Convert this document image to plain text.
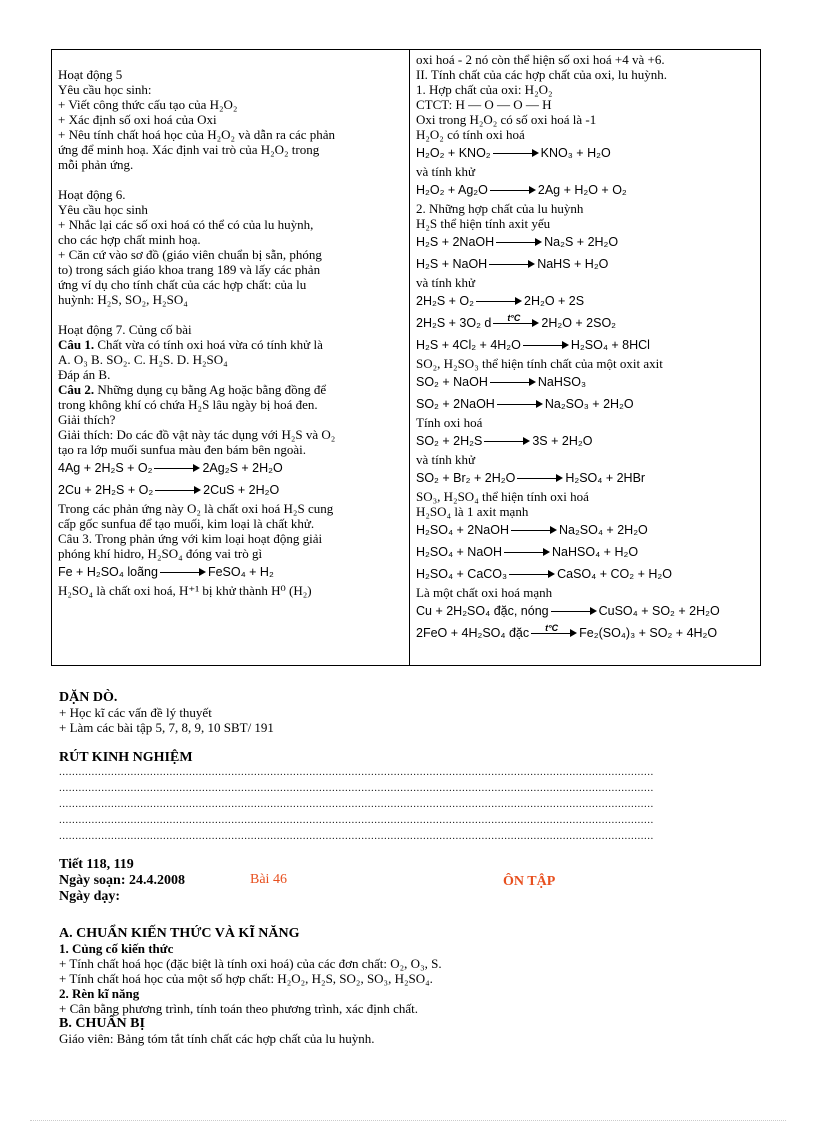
Hoạt động 5
Yêu cầu học sinh:
+ Viết công thức cấu tạo của H₂O₂
+ Xác định số oxi hoá của Oxi
+ Nêu tính chất hoá học của H₂O₂ và dẫn ra các phản
ứng để minh hoạ. Xác định vai trò của H₂O₂ trong
mỗi phản ứng.
Hoạt động 6.
Yêu cầu học sinh
+ Nhắc lại các số oxi hoá có thể có của lu huỳnh,
cho các hợp chất minh hoạ.
+ Căn cứ vào sơ đồ (giáo viên chuẩn bị sẵn, phóng
to) trong sách giáo khoa trang 189 và lấy các phản
ứng ví dụ cho tính chất của các hợp chất: của lu
huỳnh: H₂S, SO₂, H₂SO₄
Hoạt động 7. Củng cố bài
Câu 1. Chất vừa có tính oxi hoá vừa có tính khử là
A. O₃ B. SO₂. C. H₂S. D. H₂SO₄
Đáp án B.
Câu 2. Những dụng cụ bằng Ag hoặc bằng đồng để
trong không khí có chứa H₂S lâu ngày bị hoá đen.
Giải thích?
Giải thích: Do các đồ vật này tác dụng với H₂S và O₂
tạo ra lớp muối sunfua màu đen bám bên ngoài.
4Ag + 2H₂S + O₂	2Ag₂S + 2H₂O
2Cu + 2H₂S + O₂	2CuS + 2H₂O
Trong các phản ứng này O₂ là chất oxi hoá H₂S cung
cấp gốc sunfua để tạo muối, kim loại là chất khử.
Câu 3. Trong phản ứng với kim loại hoạt động giải
phóng khí hidro, H₂SO₄ đóng vai trò gì
Fe + H₂SO₄ loãng	FeSO₄ + H₂
H₂SO₄ là chất oxi hoá, H⁺¹ bị khử thành H⁰ (H₂)
oxi hoá - 2 nó còn thể hiện số oxi hoá +4 và +6.
II. Tính chất của các hợp chất của oxi, lu huỳnh.
1. Hợp chất của oxi: H₂O₂
CTCT: H — O — O — H
Oxi trong H₂O₂ có số oxi hoá là -1
H₂O₂ có tính oxi hoá
H₂O₂ + KNO₂	KNO₃ + H₂O
và tính khử
H₂O₂ + Ag₂O	2Ag + H₂O + O₂
2. Những hợp chất của lu huỳnh
H₂S thể hiện tính axit yếu
H₂S + 2NaOH	Na₂S + 2H₂O
H₂S + NaOH	NaHS + H₂O
và tính khử
2H₂S + O₂	2H₂O + 2S
2H₂S + 3O₂ d	t°C	2H₂O + 2SO₂
H₂S + 4Cl₂ + 4H₂O	H₂SO₄ + 8HCl
SO₂, H₂SO₃ thể hiện tính chất của một oxit axit
SO₂ + NaOH	NaHSO₃
SO₂ + 2NaOH	Na₂SO₃ + 2H₂O
Tính oxi hoá
SO₂ + 2H₂S	3S + 2H₂O
và tính khử
SO₂ + Br₂ + 2H₂O	H₂SO₄ + 2HBr
SO₃, H₂SO₄ thể hiện tính oxi hoá
H₂SO₄ là 1 axit mạnh
H₂SO₄ + 2NaOH	Na₂SO₄ + 2H₂O
H₂SO₄ + NaOH	NaHSO₄ + H₂O
H₂SO₄ + CaCO₃	CaSO₄ + CO₂ + H₂O
Là một chất oxi hoá mạnh
Cu + 2H₂SO₄ đặc, nóng	CuSO₄ + SO₂ + 2H₂O
2FeO + 4H₂SO₄ đặc	t°C	Fe₂(SO₄)₃ + SO₂ + 4H₂O
DẶN DÒ.
+ Học kĩ các vấn đề lý thuyết
+ Làm các bài tập 5, 7, 8, 9, 10 SBT/ 191
RÚT KINH NGHIỆM
.......................................................................................................................................................................................
.......................................................................................................................................................................................
.......................................................................................................................................................................................
.......................................................................................................................................................................................
.......................................................................................................................................................................................
Tiết 118, 119
Ngày soạn: 24.4.2008	Bài 46	ÔN TẬP
Ngày dạy:
A. CHUẨN KIẾN THỨC VÀ KĨ NĂNG
1. Củng cố kiến thức
+ Tính chất hoá học (đặc biệt là tính oxi hoá) của các đơn chất: O₂, O₃, S.
+ Tính chất hoá học của một số hợp chất: H₂O₂, H₂S, SO₂, SO₃, H₂SO₄.
2. Rèn kĩ năng
+ Cân bằng phương trình, tính toán theo phương trình, xác định chất.
B. CHUẨN BỊ
Giáo viên: Bảng tóm tắt tính chất các hợp chất của lu huỳnh.
